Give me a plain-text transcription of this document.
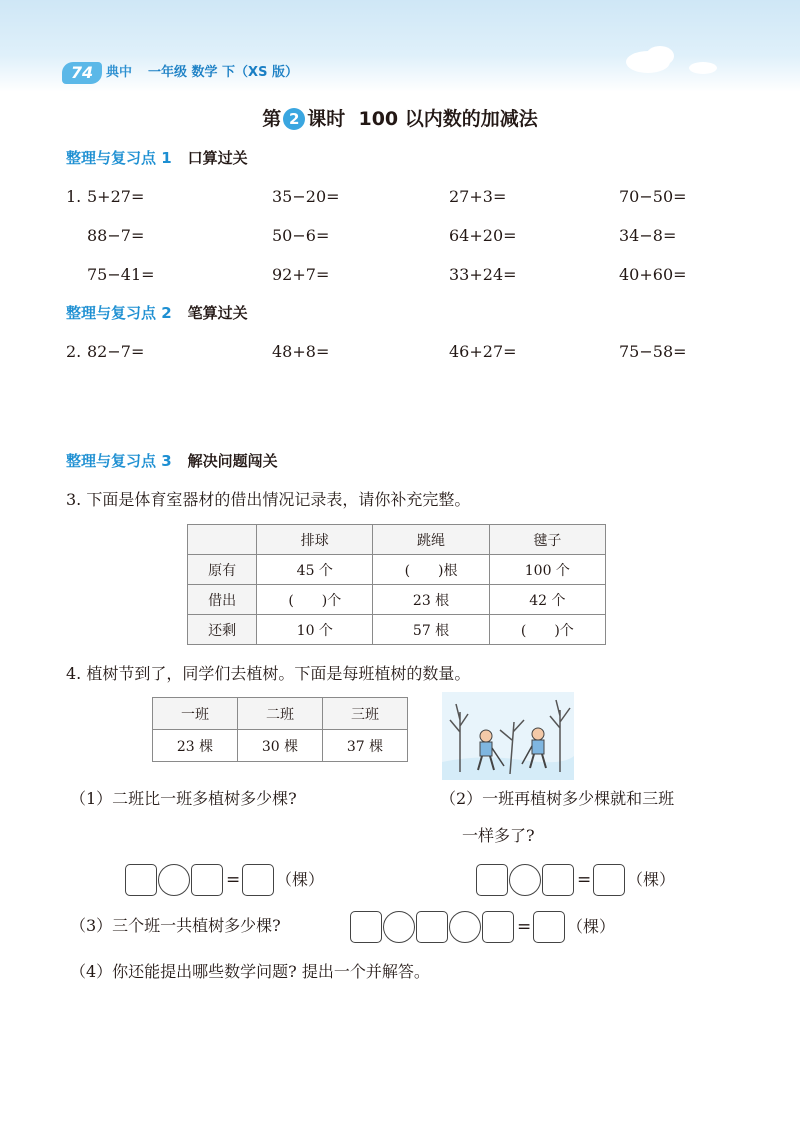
74 典中 一年级 数学 下（XS 版）
第 2 课时 100 以内数的加减法
整理与复习点 1 口算过关
1. 5+27=	35−20=	27+3=	70−50=
88−7=	50−6=	64+20=	34−8=
75−41=	92+7=	33+24=	40+60=
整理与复习点 2 笔算过关
2. 82−7=	48+8=	46+27=	75−58=
整理与复习点 3 解决问题闯关
3. 下面是体育室器材的借出情况记录表，请你补充完整。
	排球	跳绳	毽子
原有	45 个	(　　)根	100 个
借出	(　　)个	23 根	42 个
还剩	10 个	57 根	(　　)个
4. 植树节到了，同学们去植树。下面是每班植树的数量。
一班	二班	三班
23 棵	30 棵	37 棵
（1）二班比一班多植树多少棵?	（2）一班再植树多少棵就和三班
一样多了?
= （棵）	= （棵）
（3）三个班一共植树多少棵?	= （棵）
（4）你还能提出哪些数学问题? 提出一个并解答。
